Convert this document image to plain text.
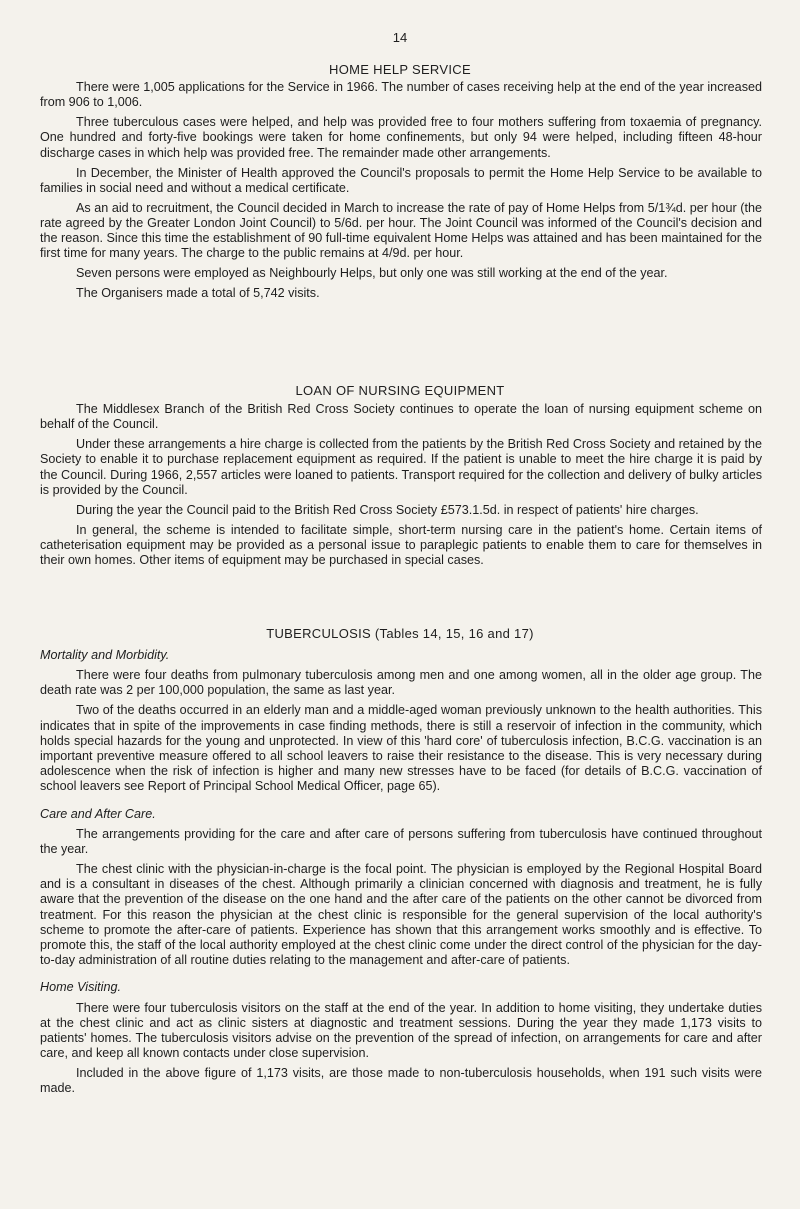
14
HOME HELP SERVICE

There were 1,005 applications for the Service in 1966. The number of cases receiving help at the end of the year increased from 906 to 1,006.

Three tuberculous cases were helped, and help was provided free to four mothers suffering from toxaemia of pregnancy. One hundred and forty-five bookings were taken for home confinements, but only 94 were helped, including fifteen 48-hour discharge cases in which help was provided free. The remainder made other arrangements.

In December, the Minister of Health approved the Council's proposals to permit the Home Help Service to be available to families in social need and without a medical certificate.

As an aid to recruitment, the Council decided in March to increase the rate of pay of Home Helps from 5/1¾d. per hour (the rate agreed by the Greater London Joint Council) to 5/6d. per hour. The Joint Council was informed of the Council's decision and the reason. Since this time the establishment of 90 full-time equivalent Home Helps was attained and has been maintained for the first time for many years. The charge to the public remains at 4/9d. per hour.

Seven persons were employed as Neighbourly Helps, but only one was still working at the end of the year.

The Organisers made a total of 5,742 visits.

LOAN OF NURSING EQUIPMENT

The Middlesex Branch of the British Red Cross Society continues to operate the loan of nursing equipment scheme on behalf of the Council.

Under these arrangements a hire charge is collected from the patients by the British Red Cross Society and retained by the Society to enable it to purchase replacement equipment as required. If the patient is unable to meet the hire charge it is paid by the Council. During 1966, 2,557 articles were loaned to patients. Transport required for the collection and delivery of bulky articles is provided by the Council.

During the year the Council paid to the British Red Cross Society £573.1.5d. in respect of patients' hire charges.

In general, the scheme is intended to facilitate simple, short-term nursing care in the patient's home. Certain items of catheterisation equipment may be provided as a personal issue to paraplegic patients to enable them to care for themselves in their own homes. Other items of equipment may be purchased in special cases.

TUBERCULOSIS (Tables 14, 15, 16 and 17)
Mortality and Morbidity.

There were four deaths from pulmonary tuberculosis among men and one among women, all in the older age group. The death rate was 2 per 100,000 population, the same as last year.

Two of the deaths occurred in an elderly man and a middle-aged woman previously unknown to the health authorities. This indicates that in spite of the improvements in case finding methods, there is still a reservoir of infection in the community, which holds special hazards for the young and unprotected. In view of this 'hard core' of tuberculosis infection, B.C.G. vaccination is an important preventive measure offered to all school leavers to raise their resistance to the disease. This is very necessary during adolescence when the risk of infection is higher and many new stresses have to be faced (for details of B.C.G. vaccination of school leavers see Report of Principal School Medical Officer, page 65).

Care and After Care.

The arrangements providing for the care and after care of persons suffering from tuberculosis have continued throughout the year.

The chest clinic with the physician-in-charge is the focal point. The physician is employed by the Regional Hospital Board and is a consultant in diseases of the chest. Although primarily a clinician concerned with diagnosis and treatment, he is fully aware that the prevention of the disease on the one hand and the after care of the patients on the other cannot be divorced from treatment. For this reason the physician at the chest clinic is responsible for the general supervision of the local authority's scheme to promote the after-care of patients. Experience has shown that this arrangement works smoothly and is effective. To promote this, the staff of the local authority employed at the chest clinic come under the direct control of the physician for the day-to-day administration of all routine duties relating to the management and after-care of patients.

Home Visiting.

There were four tuberculosis visitors on the staff at the end of the year. In addition to home visiting, they undertake duties at the chest clinic and act as clinic sisters at diagnostic and treatment sessions. During the year they made 1,173 visits to patients' homes. The tuberculosis visitors advise on the prevention of the spread of infection, on arrangements for care and after care, and keep all known contacts under close supervision.

Included in the above figure of 1,173 visits, are those made to non-tuberculosis households, when 191 such visits were made.
